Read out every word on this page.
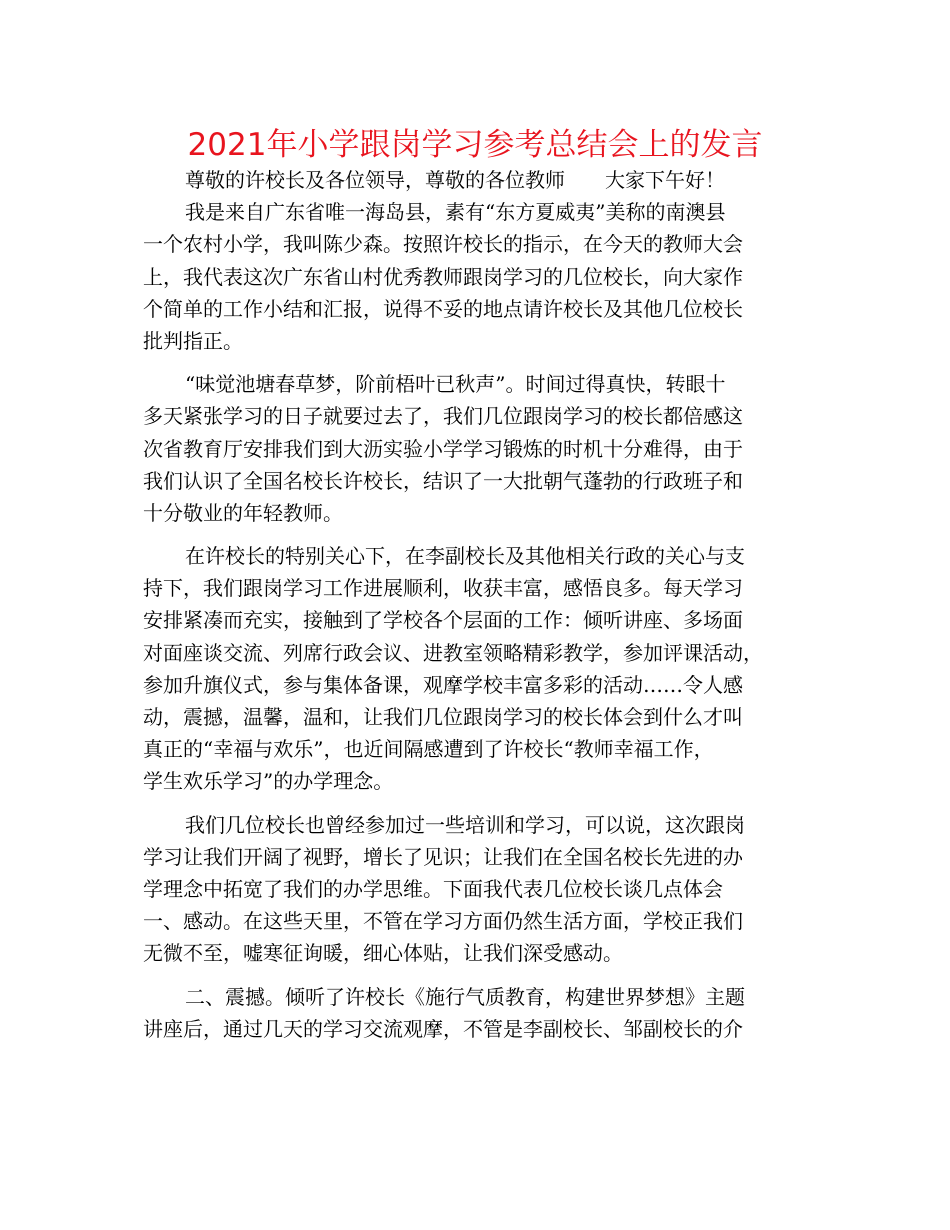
2021年小学跟岗学习参考总结会上的发言
尊敬的许校长及各位领导，尊敬的各位教师 大家下午好！
我是来自广东省唯一海岛县，素有“东方夏威夷”美称的南澳县
一个农村小学，我叫陈少森。按照许校长的指示，在今天的教师大会
上，我代表这次广东省山村优秀教师跟岗学习的几位校长，向大家作
个简单的工作小结和汇报，说得不妥的地点请许校长及其他几位校长
批判指正。
“味觉池塘春草梦，阶前梧叶已秋声”。时间过得真快，转眼十
多天紧张学习的日子就要过去了，我们几位跟岗学习的校长都倍感这
次省教育厅安排我们到大沥实验小学学习锻炼的时机十分难得，由于
我们认识了全国名校长许校长，结识了一大批朝气蓬勃的行政班子和
十分敬业的年轻教师。
在许校长的特别关心下，在李副校长及其他相关行政的关心与支
持下，我们跟岗学习工作进展顺利，收获丰富，感悟良多。每天学习
安排紧凑而充实，接触到了学校各个层面的工作：倾听讲座、多场面
对面座谈交流、列席行政会议、进教室领略精彩教学，参加评课活动，
参加升旗仪式，参与集体备课，观摩学校丰富多彩的活动……令人感
动，震撼，温馨，温和，让我们几位跟岗学习的校长体会到什么才叫
真正的“幸福与欢乐”，也近间隔感遭到了许校长“教师幸福工作，
学生欢乐学习”的办学理念。
我们几位校长也曾经参加过一些培训和学习，可以说，这次跟岗
学习让我们开阔了视野，增长了见识；让我们在全国名校长先进的办
学理念中拓宽了我们的办学思维。下面我代表几位校长谈几点体会
一、感动。在这些天里，不管在学习方面仍然生活方面，学校正我们
无微不至，嘘寒征询暖，细心体贴，让我们深受感动。
二、震撼。倾听了许校长《施行气质教育，构建世界梦想》主题
讲座后，通过几天的学习交流观摩，不管是李副校长、邹副校长的介
